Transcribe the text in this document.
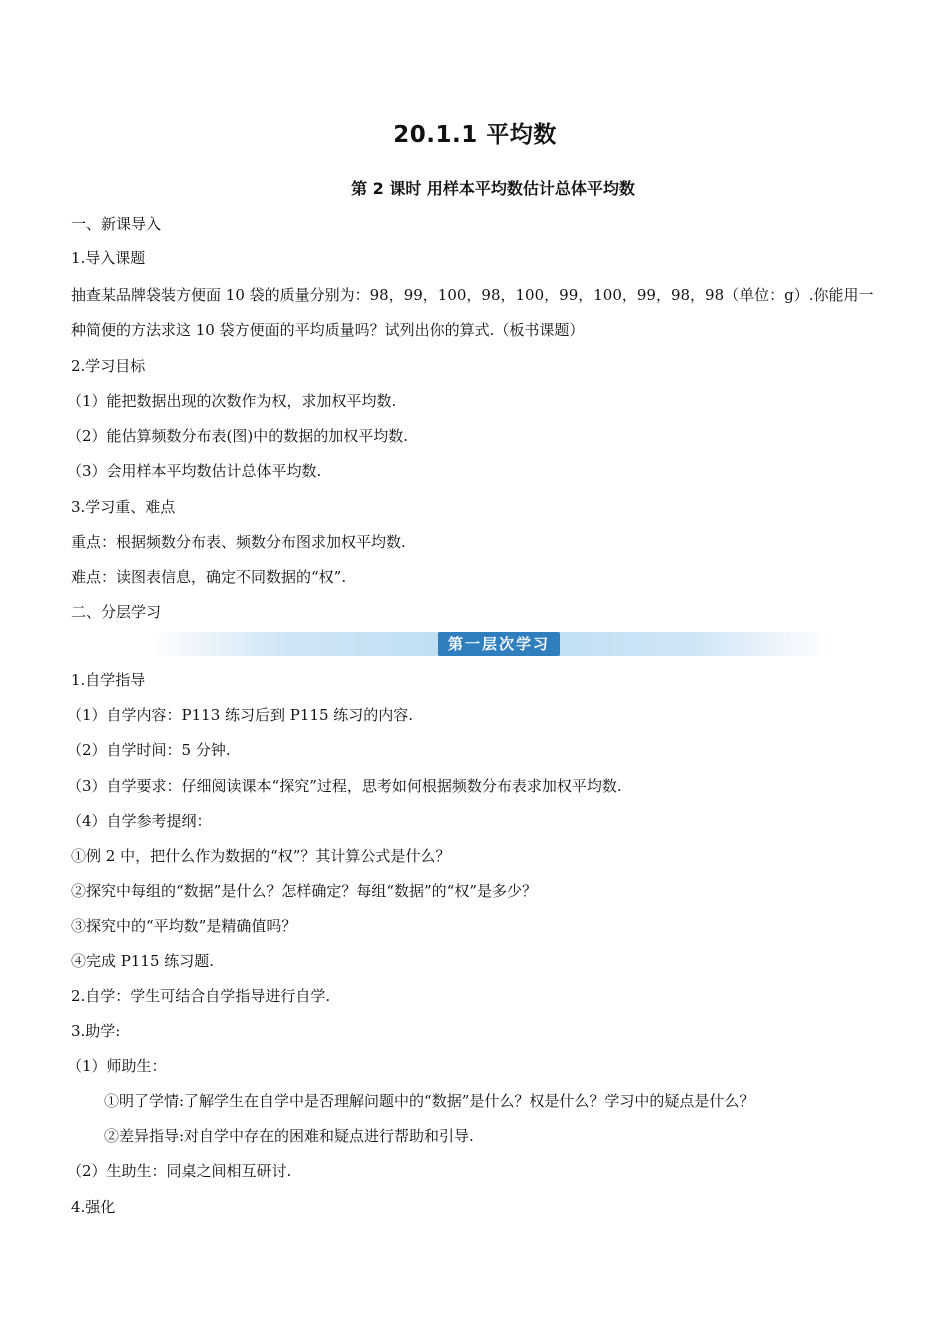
20.1.1 平均数
第 2 课时 用样本平均数估计总体平均数
一、新课导入
1.导入课题
抽查某品牌袋装方便面 10 袋的质量分别为：98，99，100，98，100，99，100，99，98，98（单位：g）.你能用一
种简便的方法求这 10 袋方便面的平均质量吗？试列出你的算式.（板书课题）
2.学习目标
（1）能把数据出现的次数作为权，求加权平均数.
（2）能估算频数分布表(图)中的数据的加权平均数.
（3）会用样本平均数估计总体平均数.
3.学习重、难点
重点：根据频数分布表、频数分布图求加权平均数.
难点：读图表信息，确定不同数据的“权”.
二、分层学习
第一层次学习
1.自学指导
（1）自学内容：P113 练习后到 P115 练习的内容.
（2）自学时间：5 分钟.
（3）自学要求：仔细阅读课本“探究”过程，思考如何根据频数分布表求加权平均数.
（4）自学参考提纲：
①例 2 中，把什么作为数据的“权”？其计算公式是什么？
②探究中每组的“数据”是什么？怎样确定？每组“数据”的“权”是多少？
③探究中的“平均数”是精确值吗？
④完成 P115 练习题.
2.自学：学生可结合自学指导进行自学.
3.助学:
（1）师助生：
①明了学情:了解学生在自学中是否理解问题中的“数据”是什么？权是什么？学习中的疑点是什么？
②差异指导:对自学中存在的困难和疑点进行帮助和引导.
（2）生助生：同桌之间相互研讨.
4.强化
